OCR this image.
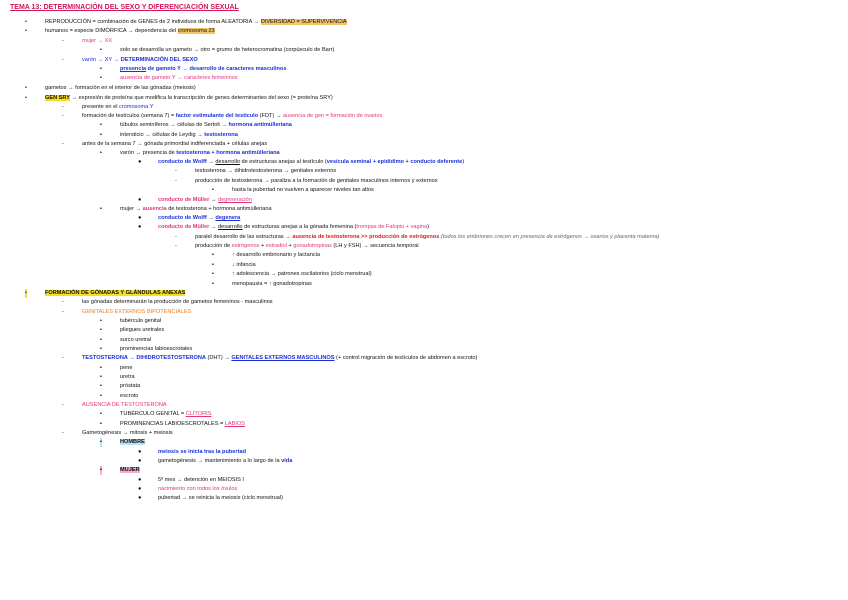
TEMA 13: DETERMINACIÓN DEL SEXO Y DIFERENCIACIÓN SEXUAL
•	REPRODUCCIÓN = combinación de GENES de 2 individuos de forma ALEATORIA → DIVERSIDAD = SUPERVIVENCIA
•	humanos = especie DIMÓRFICA → dependencia del cromosoma 23
-	mujer → XX
▪	solo se desarrolla un gameto → otro = grumo de heterocromatina (corpúsculo de Barr)
-	varón → XY → DETERMINACIÓN DEL SEXO
▪	presencia de gameto Y → desarrollo de caracteres masculinos
▪	ausencia de gameto Y → caracteres femeninos
•	gametos → formación en el interior de las gónadas (meiosis)
•	GEN SRY → expresión de proteína que modifica la transcripción de genes determinantes del sexo (= proteína SRY)
-	presente en el cromosoma Y
-	formación de testículos (semana 7) = factor estimulante del testículo (FDT) → ausencia de gen = formación de ovarios
▪	túbulos seminíferos → células de Sertoli → hormona antimülleriana
▪	intersticio → células de Leydig → testosterona
-	antes de la semana 7 → gónada primordial indiferenciada + células anejas
▪	varón → presencia de testosterona + hormona antimülleriana
●	conducto de Wolff → desarrollo de estructuras anejas al testículo (vesícula seminal + epidídimo + conducto deferente)
-	testosterona → dihidrotestosterona → genitales externos
-	producción de testosterona → paraliza a la formación de genitales masculinos internos y externos
▪	hasta la pubertad no vuelven a aparecer niveles tan altos
●	conducto de Müller → degeneración
▪	mujer → ausencia de testosterona + hormona antimülleriana
●	conducto de Wolff → degenera
●	conducto de Müller → desarrollo de estructuras anejas a la gónada femenina (trompas de Falopio + vagina)
-	paralel desarrollo de las estructuras → ausencia de testosterona >> producción de estrógenos (todos los embriones crecen en presencia de estrógenos → ovarios y placenta materna)
-	producción de estrógenos + estradiol + gonadotropinas (LH y FSH) → secuencia temporal
▪	↑ desarrollo embrionario y lactancia
▪	↓ infancia
▪	↑ adolescencia → patrones oscilatorios (ciclo menstrual)
▪	menopausia = ↑ gonadotropinas
•	FORMACIÓN DE GÓNADAS Y GLÁNDULAS ANEXAS
-	las gónadas determinarán la producción de gametos femeninos - masculinos
-	GENITALES EXTERNOS BIPOTENCIALES
▪	tubérculo genital
▪	pliegues uretrales
▪	surco uretral
▪	prominencias labioescrotales
-	TESTOSTERONA → DIHIDROTESTOSTERONA (DHT) → GENITALES EXTERNOS MASCULINOS (+ control migración de testículos de abdomen a escroto)
▪	pene
▪	uretra
▪	próstata
▪	escroto
-	AUSENCIA DE TESTOSTERONA
▪	TUBÉRCULO GENITAL = CLÍTORIS
▪	PROMINENCIAS LABIOESCROTALES = LABIOS
-	Gametogénesis → mitosis + meiosis
▪	HOMBRE
●	meiosis se inicia tras la pubertad
●	gametogénesis → mantenimiento a lo largo de la vida
▪	MUJER
●	5º mes → detención en MEIOSIS I
●	nacimiento con todos los óvulos
●	pubertad → se reinicia la meiosis (ciclo menstrual)
